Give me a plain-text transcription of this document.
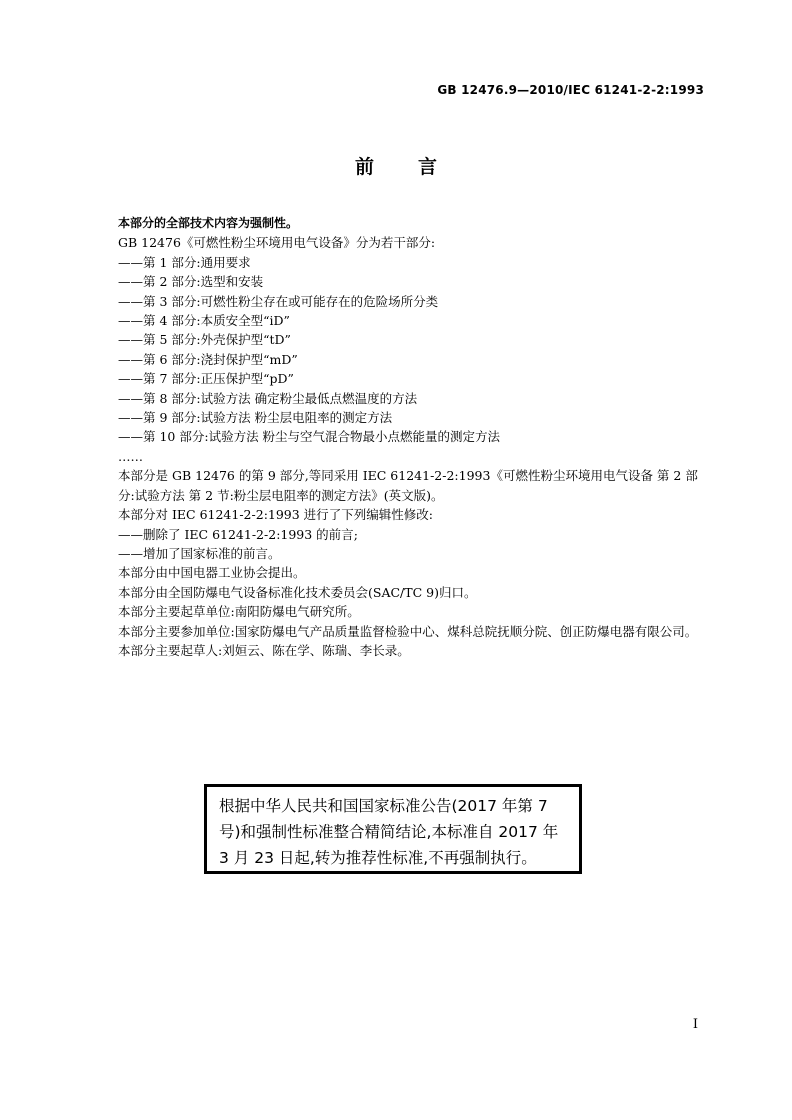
GB 12476.9—2010/IEC 61241-2-2:1993
前言

本部分的全部技术内容为强制性。

GB 12476《可燃性粉尘环境用电气设备》分为若干部分:

——第 1 部分:通用要求

——第 2 部分:选型和安装

——第 3 部分:可燃性粉尘存在或可能存在的危险场所分类

——第 4 部分:本质安全型“iD”

——第 5 部分:外壳保护型“tD”

——第 6 部分:浇封保护型“mD”

——第 7 部分:正压保护型“pD”

——第 8 部分:试验方法 确定粉尘最低点燃温度的方法

——第 9 部分:试验方法 粉尘层电阻率的测定方法

——第 10 部分:试验方法 粉尘与空气混合物最小点燃能量的测定方法

……

本部分是 GB 12476 的第 9 部分,等同采用 IEC 61241-2-2:1993《可燃性粉尘环境用电气设备 第 2 部分:试验方法 第 2 节:粉尘层电阻率的测定方法》(英文版)。

本部分对 IEC 61241-2-2:1993 进行了下列编辑性修改:

——删除了 IEC 61241-2-2:1993 的前言;

——增加了国家标准的前言。

本部分由中国电器工业协会提出。

本部分由全国防爆电气设备标准化技术委员会(SAC/TC 9)归口。

本部分主要起草单位:南阳防爆电气研究所。

本部分主要参加单位:国家防爆电气产品质量监督检验中心、煤科总院抚顺分院、创正防爆电器有限公司。

本部分主要起草人:刘姮云、陈在学、陈瑞、李长录。

根据中华人民共和国国家标准公告(2017 年第 7 号)和强制性标准整合精简结论,本标准自 2017 年 3 月 23 日起,转为推荐性标准,不再强制执行。
I
